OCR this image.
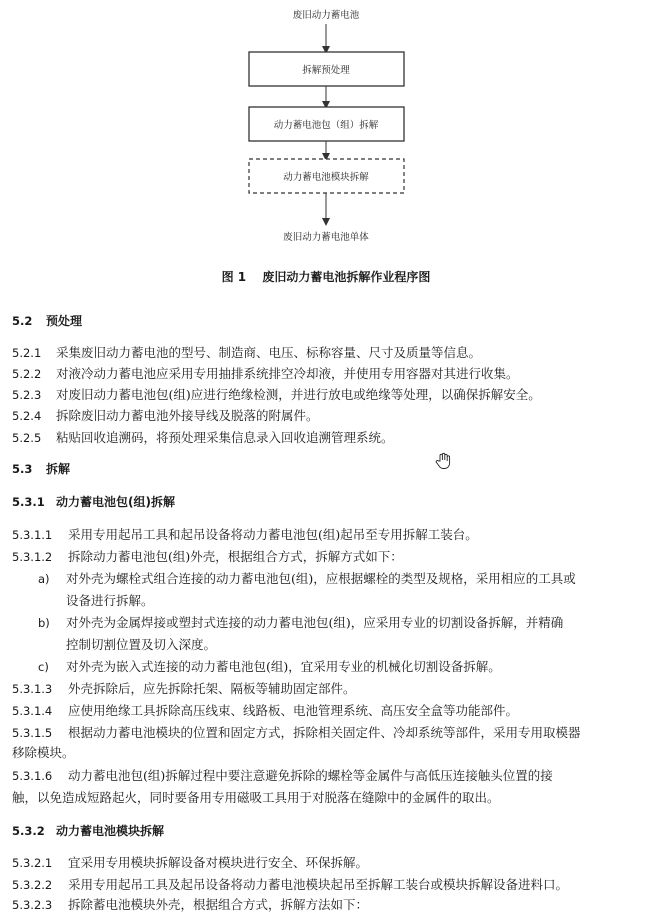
废旧动力蓄电池
拆解预处理
动力蓄电池包（组）拆解
动力蓄电池模块拆解
废旧动力蓄电池单体
图 1 废旧动力蓄电池拆解作业程序图
5.2 预处理
5.2.1 采集废旧动力蓄电池的型号、制造商、电压、标称容量、尺寸及质量等信息。
5.2.2 对液冷动力蓄电池应采用专用抽排系统排空冷却液，并使用专用容器对其进行收集。
5.2.3 对废旧动力蓄电池包(组)应进行绝缘检测，并进行放电或绝缘等处理，以确保拆解安全。
5.2.4 拆除废旧动力蓄电池外接导线及脱落的附属件。
5.2.5 粘贴回收追溯码，将预处理采集信息录入回收追溯管理系统。
5.3 拆解
5.3.1 动力蓄电池包(组)拆解
5.3.1.1 采用专用起吊工具和起吊设备将动力蓄电池包(组)起吊至专用拆解工装台。
5.3.1.2 拆除动力蓄电池包(组)外壳，根据组合方式，拆解方式如下：
a) 对外壳为螺栓式组合连接的动力蓄电池包(组)，应根据螺栓的类型及规格，采用相应的工具或
设备进行拆解。
b) 对外壳为金属焊接或塑封式连接的动力蓄电池包(组)，应采用专业的切割设备拆解，并精确
控制切割位置及切入深度。
c) 对外壳为嵌入式连接的动力蓄电池包(组)，宜采用专业的机械化切割设备拆解。
5.3.1.3 外壳拆除后，应先拆除托架、隔板等辅助固定部件。
5.3.1.4 应使用绝缘工具拆除高压线束、线路板、电池管理系统、高压安全盒等功能部件。
5.3.1.5 根据动力蓄电池模块的位置和固定方式，拆除相关固定件、冷却系统等部件，采用专用取模器
移除模块。
5.3.1.6 动力蓄电池包(组)拆解过程中要注意避免拆除的螺栓等金属件与高低压连接触头位置的接
触，以免造成短路起火，同时要备用专用磁吸工具用于对脱落在缝隙中的金属件的取出。
5.3.2 动力蓄电池模块拆解
5.3.2.1 宜采用专用模块拆解设备对模块进行安全、环保拆解。
5.3.2.2 采用专用起吊工具及起吊设备将动力蓄电池模块起吊至拆解工装台或模块拆解设备进料口。
5.3.2.3 拆除蓄电池模块外壳，根据组合方式，拆解方法如下：
